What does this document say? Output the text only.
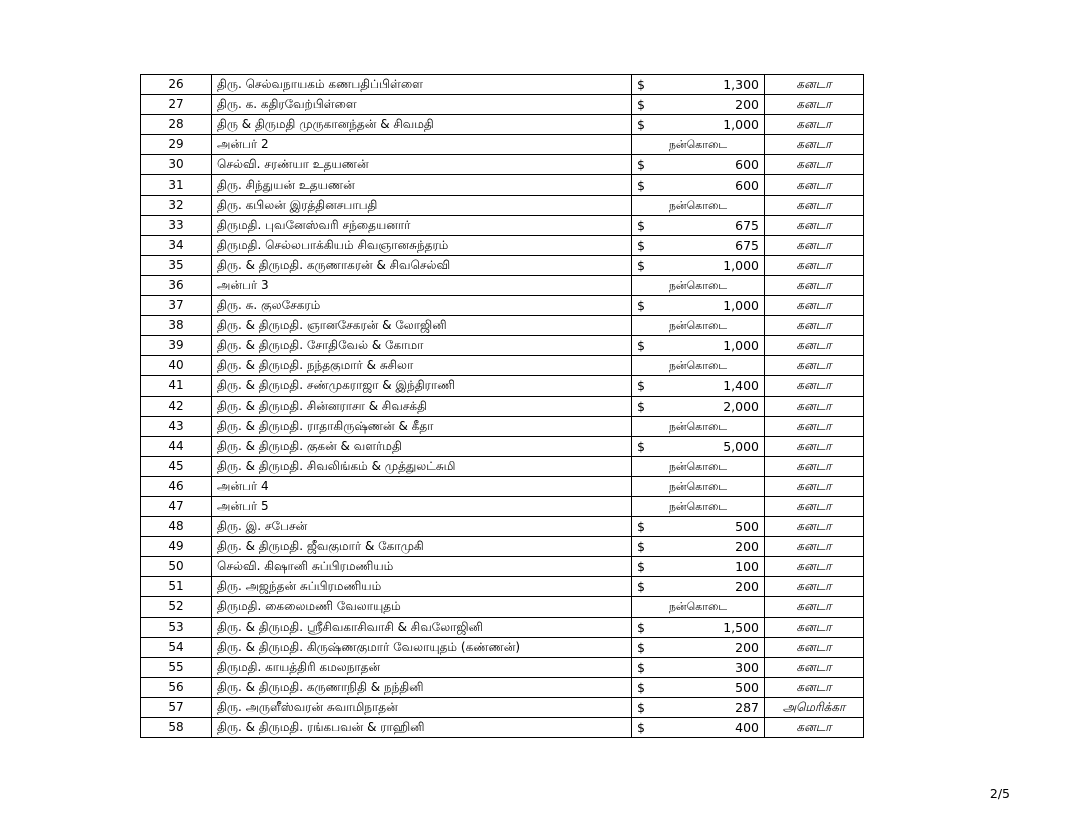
26	திரு. செல்வநாயகம் கணபதிப்பிள்ளை	$ 1,300	கனடா
27	திரு. க. கதிரவேற்பிள்ளை	$ 200	கனடா
28	திரு & திருமதி முருகானந்தன் & சிவமதி	$ 1,000	கனடா
29	அன்பர் 2	நன்கொடை	கனடா
30	செல்வி. சரண்யா உதயணன்	$ 600	கனடா
31	திரு. சிந்துயன் உதயணன்	$ 600	கனடா
32	திரு. கபிலன் இரத்தினசபாபதி	நன்கொடை	கனடா
33	திருமதி. புவனேஸ்வரி சந்தையனார்	$ 675	கனடா
34	திருமதி. செல்லபாக்கியம் சிவஞானசுந்தரம்	$ 675	கனடா
35	திரு. & திருமதி. கருணாகரன் & சிவசெல்வி	$ 1,000	கனடா
36	அன்பர் 3	நன்கொடை	கனடா
37	திரு. சு. குலசேகரம்	$ 1,000	கனடா
38	திரு. & திருமதி. ஞானசேகரன் & லோஜினி	நன்கொடை	கனடா
39	திரு. & திருமதி. சோதிவேல் & கோமா	$ 1,000	கனடா
40	திரு. & திருமதி. நந்தகுமார் & சுசிலா	நன்கொடை	கனடா
41	திரு. & திருமதி. சண்முகராஜா & இந்திராணி	$ 1,400	கனடா
42	திரு. & திருமதி. சின்னராசா & சிவசக்தி	$ 2,000	கனடா
43	திரு. & திருமதி. ராதாகிருஷ்ணன் & கீதா	நன்கொடை	கனடா
44	திரு. & திருமதி. குகன் & வளர்மதி	$ 5,000	கனடா
45	திரு. & திருமதி. சிவலிங்கம் & முத்துலட்சுமி	நன்கொடை	கனடா
46	அன்பர் 4	நன்கொடை	கனடா
47	அன்பர் 5	நன்கொடை	கனடா
48	திரு. இ. சபேசன்	$ 500	கனடா
49	திரு. & திருமதி. ஜீவகுமார் & கோமுகி	$ 200	கனடா
50	செல்வி. கிஷானி சுப்பிரமணியம்	$ 100	கனடா
51	திரு. அஜந்தன் சுப்பிரமணியம்	$ 200	கனடா
52	திருமதி. கைலைமணி வேலாயுதம்	நன்கொடை	கனடா
53	திரு. & திருமதி. ஸ்ரீசிவகாசிவாசி & சிவலோஜினி	$ 1,500	கனடா
54	திரு. & திருமதி. கிருஷ்ணகுமார் வேலாயுதம் (கண்ணன்)	$ 200	கனடா
55	திருமதி. காயத்திரி கமலநாதன்	$ 300	கனடா
56	திரு. & திருமதி. கருணாநிதி & நந்தினி	$ 500	கனடா
57	திரு. அருளீஸ்வரன் சுவாமிநாதன்	$ 287	அமெரிக்கா
58	திரு. & திருமதி. ரங்கபவன் & ராஹினி	$ 400	கனடா
2/5
